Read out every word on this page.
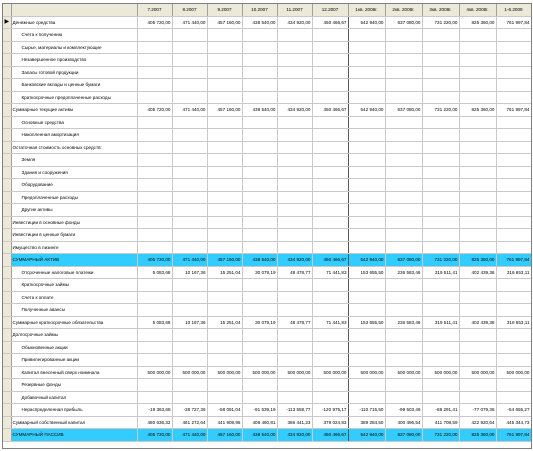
		7.2007	8.2007	9.2007	10.2007	11.2007	12.2007	1кв. 2008г.	2кв. 2008г.	3кв. 2008г.	4кв. 2008г.	1-6.2009
▶	Денежные средства	405 720,00	471 440,00	457 160,00	438 540,00	434 920,00	450 466,67	542 940,00	637 080,00	731 220,00	825 360,00	761 997,84
	Счета к получению											
	Сырье, материалы и комплектующие											
	Незавершенное производство											
	Запасы готовой продукции											
	Банковские вклады и ценные бумаги											
	Краткосрочные предоплаченные расходы											
	Суммарные текущие активы	405 720,00	471 440,00	457 160,00	438 540,00	434 920,00	450 466,67	542 940,00	637 080,00	731 220,00	825 360,00	761 997,84
	Основные средства											
	Накопленная амортизация											
	Остаточная стоимость основных средств:											
	Земля											
	Здания и сооружения											
	Оборудование											
	Предоплаченные расходы											
	Другие активы											
	Инвестиции в основные фонды											
	Инвестиции в ценные бумаги											
	Имущество в лизинге											
	СУММАРНЫЙ АКТИВ	405 720,00	471 440,00	457 160,00	438 540,00	434 920,00	450 466,67	542 940,00	637 080,00	731 220,00	825 360,00	761 997,84
	Отсроченные налоговые платежи	5 083,68	10 167,36	15 251,04	30 079,19	48 478,77	71 441,83	153 655,50	236 583,46	319 511,41	402 439,36	316 653,11
	Краткосрочные займы											
	Счета к оплате											
	Полученные авансы											
	Суммарные краткосрочные обязательства	5 083,68	10 167,36	15 251,04	30 079,19	48 478,77	71 441,83	153 655,50	236 583,46	319 511,41	402 439,36	316 653,11
	Долгосрочные займы											
	Обыкновенные акции											
	Привилегированные акции											
	Капитал внесенный сверх номинала	500 000,00	500 000,00	500 000,00	500 000,00	500 000,00	500 000,00	500 000,00	500 000,00	500 000,00	500 000,00	500 000,00
	Резервные фонды											
	Добавочный капитал											
	Нераспределенная прибыль	-19 363,68	-38 727,36	-58 091,04	-91 539,19	-113 558,77	-120 975,17	-110 715,50	-99 503,46	-88 291,41	-77 079,36	-54 655,27
	Суммарный собственный капитал	480 636,32	461 272,64	441 908,96	408 460,81	386 441,23	379 024,83	389 284,50	400 496,54	411 708,59	422 920,64	445 344,73
	СУММАРНЫЙ ПАССИВ	405 720,00	471 440,00	457 160,00	438 540,00	434 920,00	450 466,67	542 940,00	637 080,00	731 220,00	825 360,00	761 997,84
